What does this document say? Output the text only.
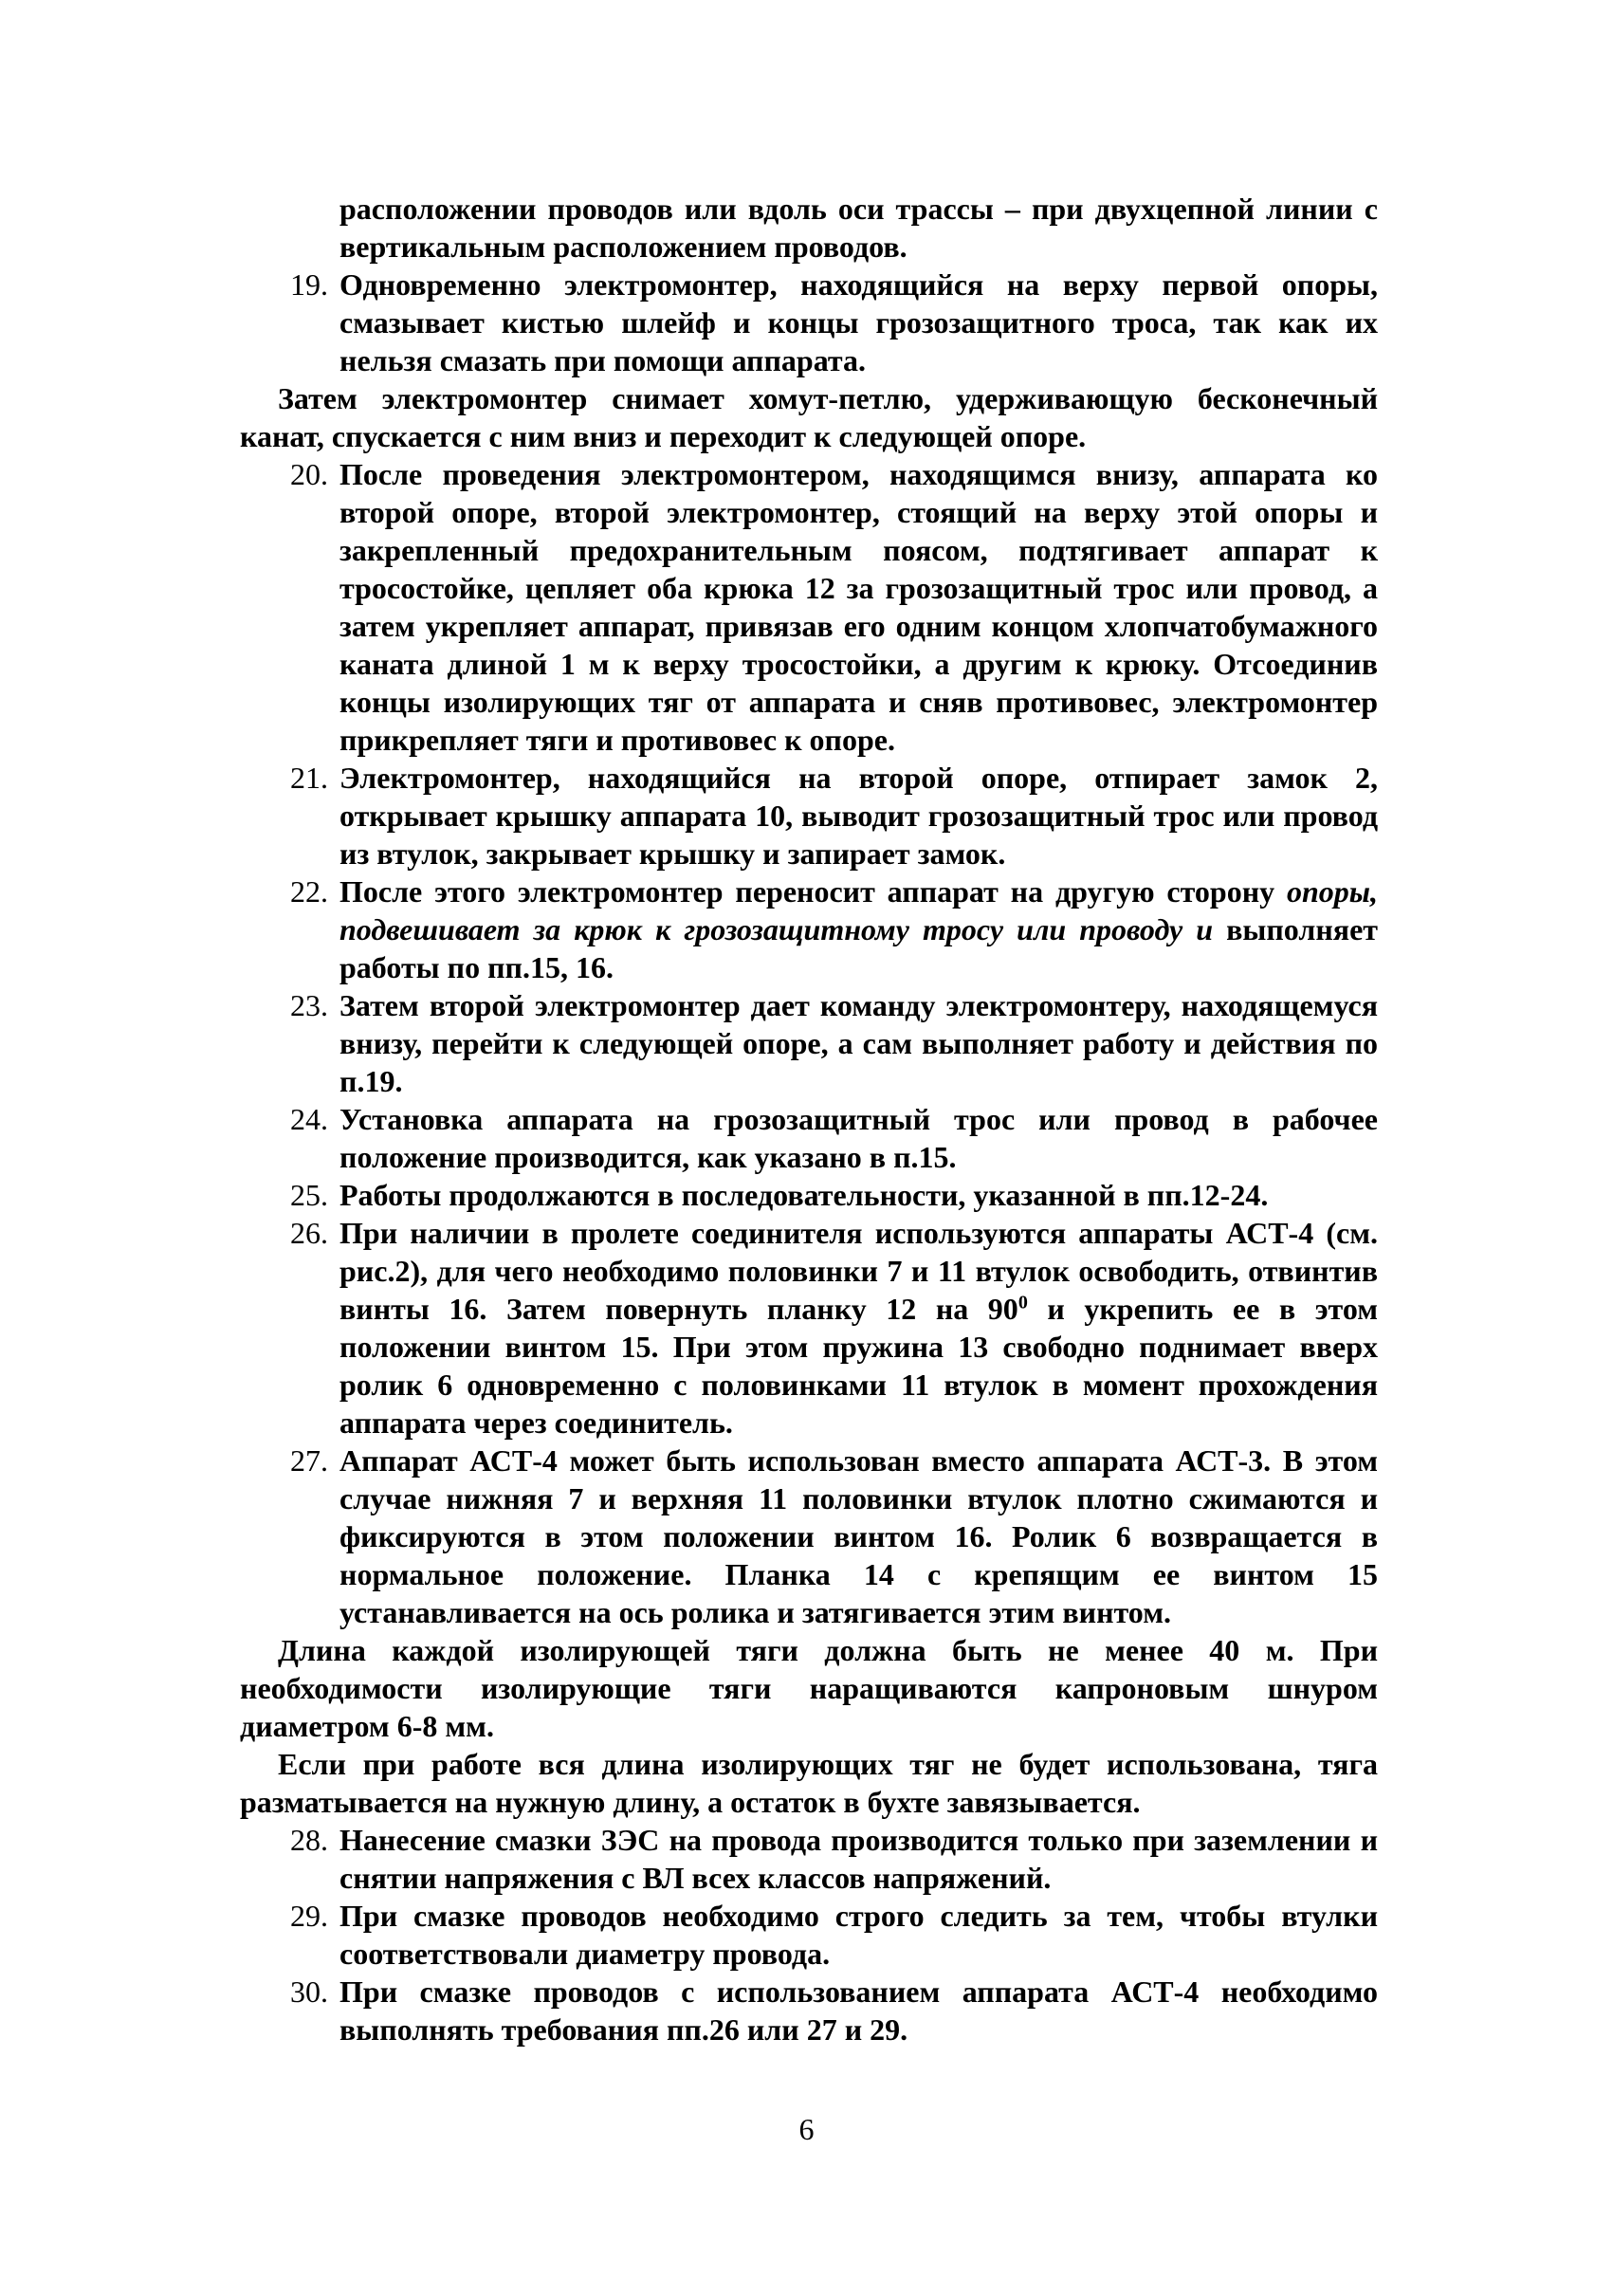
расположении проводов или вдоль оси трассы – при двухцепной линии с вертикальным расположением проводов.
19. Одновременно электромонтер, находящийся на верху первой опоры, смазывает кистью шлейф и концы грозозащитного троса, так как их нельзя смазать при помощи аппарата.
Затем электромонтер снимает хомут-петлю, удерживающую бесконечный канат, спускается с ним вниз и переходит к следующей опоре.
20. После проведения электромонтером, находящимся внизу, аппарата ко второй опоре, второй электромонтер, стоящий на верху этой опоры и закрепленный предохранительным поясом, подтягивает аппарат к тросостойке, цепляет оба крюка 12 за грозозащитный трос или провод, а затем укрепляет аппарат, привязав его одним концом хлопчатобумажного каната длиной 1 м к верху тросостойки, а другим к крюку. Отсоединив концы изолирующих тяг от аппарата и сняв противовес, электромонтер прикрепляет тяги и противовес к опоре.
21. Электромонтер, находящийся на второй опоре, отпирает замок 2, открывает крышку аппарата 10, выводит грозозащитный трос или провод из втулок, закрывает крышку и запирает замок.
22. После этого электромонтер переносит аппарат на другую сторону опоры, подвешивает за крюк к грозозащитному тросу или проводу и выполняет работы по пп.15, 16.
23. Затем второй электромонтер дает команду электромонтеру, находящемуся внизу, перейти к следующей опоре, а сам выполняет работу и действия по п.19.
24. Установка аппарата на грозозащитный трос или провод в рабочее положение производится, как указано в п.15.
25. Работы продолжаются в последовательности, указанной в пп.12-24.
26. При наличии в пролете соединителя используются аппараты АСТ-4 (см. рис.2), для чего необходимо половинки 7 и 11 втулок освободить, отвинтив винты 16. Затем повернуть планку 12 на $90^0$ и укрепить ее в этом положении винтом 15. При этом пружина 13 свободно поднимает вверх ролик 6 одновременно с половинками 11 втулок в момент прохождения аппарата через соединитель.
27. Аппарат АСТ-4 может быть использован вместо аппарата АСТ-3. В этом случае нижняя 7 и верхняя 11 половинки втулок плотно сжимаются и фиксируются в этом положении винтом 16. Ролик 6 возвращается в нормальное положение. Планка 14 с крепящим ее винтом 15 устанавливается на ось ролика и затягивается этим винтом.
Длина каждой изолирующей тяги должна быть не менее 40 м. При необходимости изолирующие тяги наращиваются капроновым шнуром диаметром 6-8 мм.
Если при работе вся длина изолирующих тяг не будет использована, тяга разматывается на нужную длину, а остаток в бухте завязывается.
28. Нанесение смазки ЗЭС на провода производится только при заземлении и снятии напряжения с ВЛ всех классов напряжений.
29. При смазке проводов необходимо строго следить за тем, чтобы втулки соответствовали диаметру провода.
30. При смазке проводов с использованием аппарата АСТ-4 необходимо выполнять требования пп.26 или 27 и 29.
6
